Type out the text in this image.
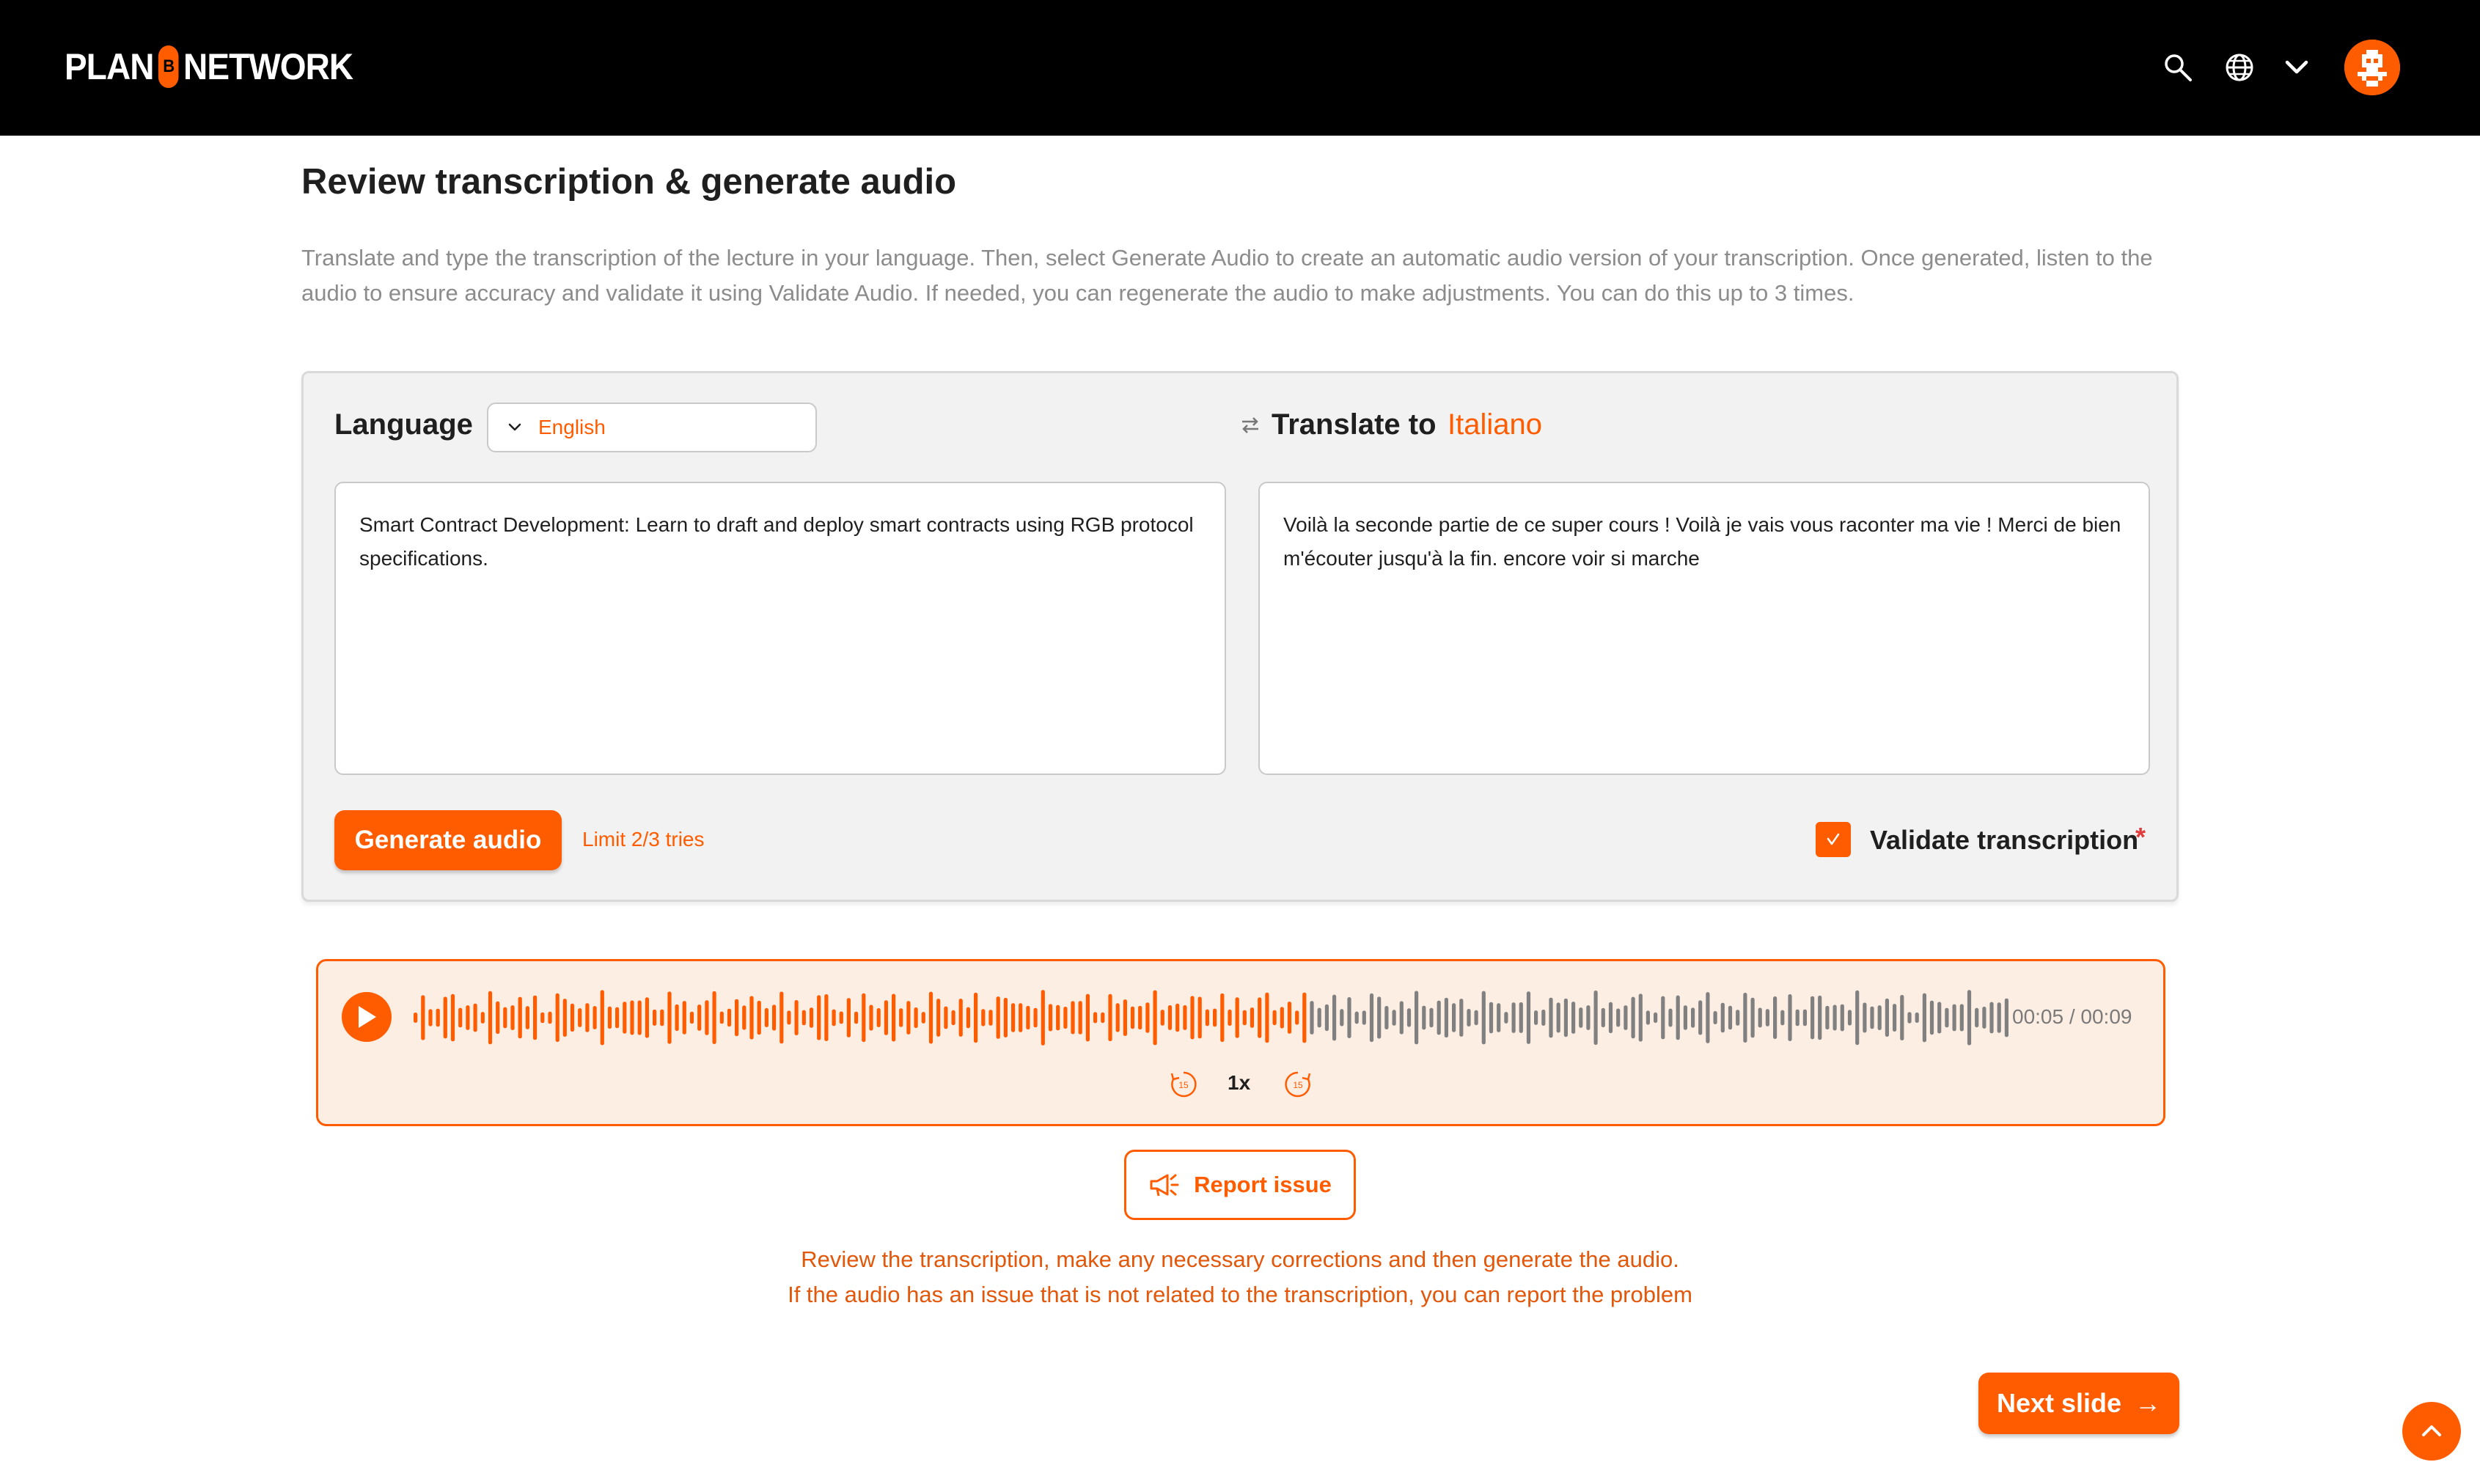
PLAN B NETWORK
Review transcription & generate audio
Translate and type the transcription of the lecture in your language. Then, select Generate Audio to create an automatic audio version of your transcription. Once generated, listen to the audio to ensure accuracy and validate it using Validate Audio. If needed, you can regenerate the audio to make adjustments. You can do this up to 3 times.
Language	English	Translate to Italiano
Smart Contract Development: Learn to draft and deploy smart contracts using RGB protocol specifications.
Voilà la seconde partie de ce super cours ! Voilà je vais vous raconter ma vie ! Merci de bien m'écouter jusqu'à la fin. encore voir si marche
Generate audio	Limit 2/3 tries	Validate transcription
*
00:05 / 00:09
15 1x	15
Report issue
Review the transcription, make any necessary corrections and then generate the audio.
If the audio has an issue that is not related to the transcription, you can report the problem
Next slide →
